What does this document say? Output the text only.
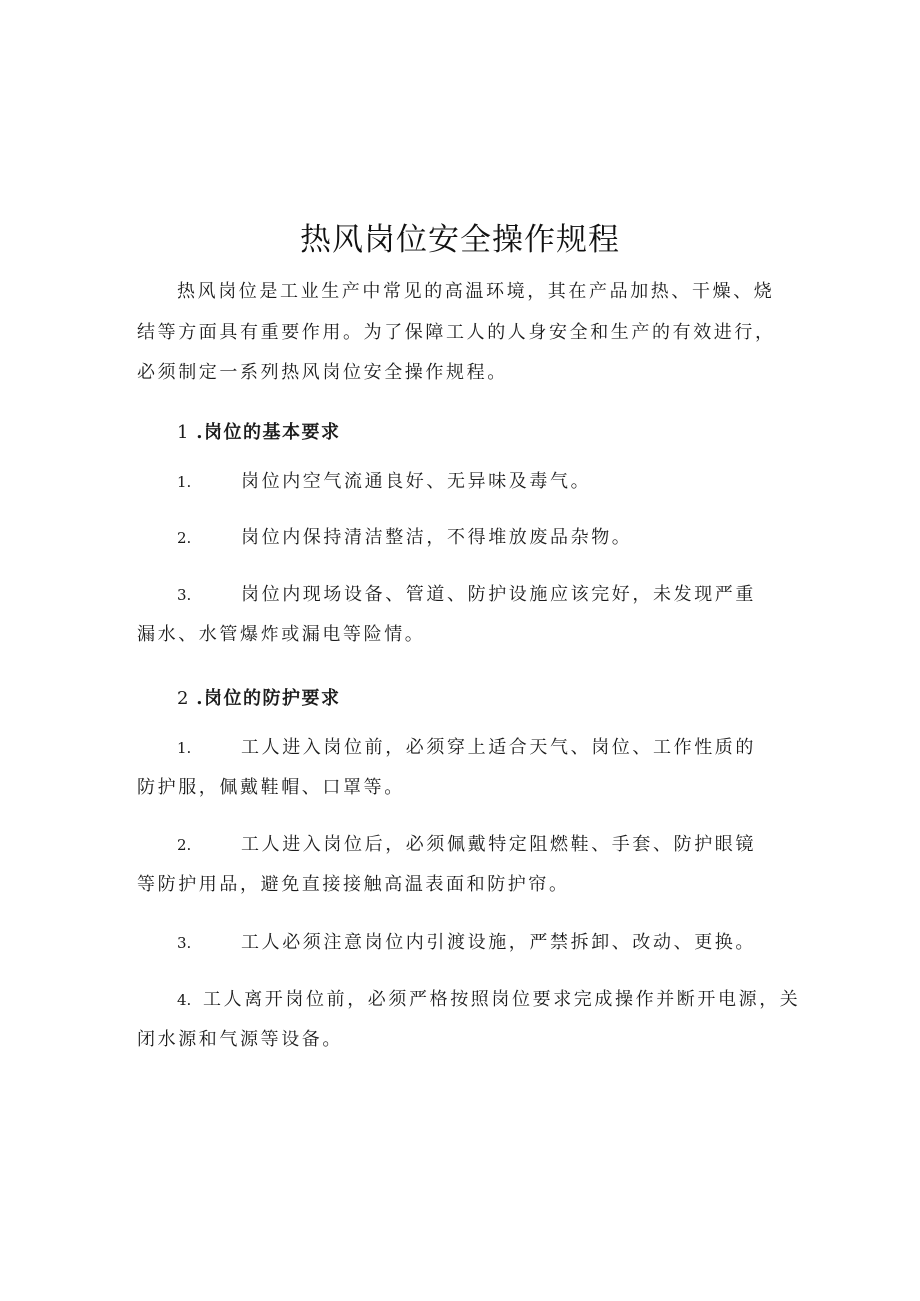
热风岗位安全操作规程
热风岗位是工业生产中常见的高温环境，其在产品加热、干燥、烧结等方面具有重要作用。为了保障工人的人身安全和生产的有效进行，必须制定一系列热风岗位安全操作规程。
1 .岗位的基本要求
1.	岗位内空气流通良好、无异味及毒气。
2.	岗位内保持清洁整洁，不得堆放废品杂物。
3.	岗位内现场设备、管道、防护设施应该完好，未发现严重
漏水、水管爆炸或漏电等险情。
2 .岗位的防护要求
1.	工人进入岗位前，必须穿上适合天气、岗位、工作性质的
防护服，佩戴鞋帽、口罩等。
2.	工人进入岗位后，必须佩戴特定阻燃鞋、手套、防护眼镜
等防护用品，避免直接接触高温表面和防护帘。
3.	工人必须注意岗位内引渡设施，严禁拆卸、改动、更换。
4. 工人离开岗位前，必须严格按照岗位要求完成操作并断开电源，关
闭水源和气源等设备。
